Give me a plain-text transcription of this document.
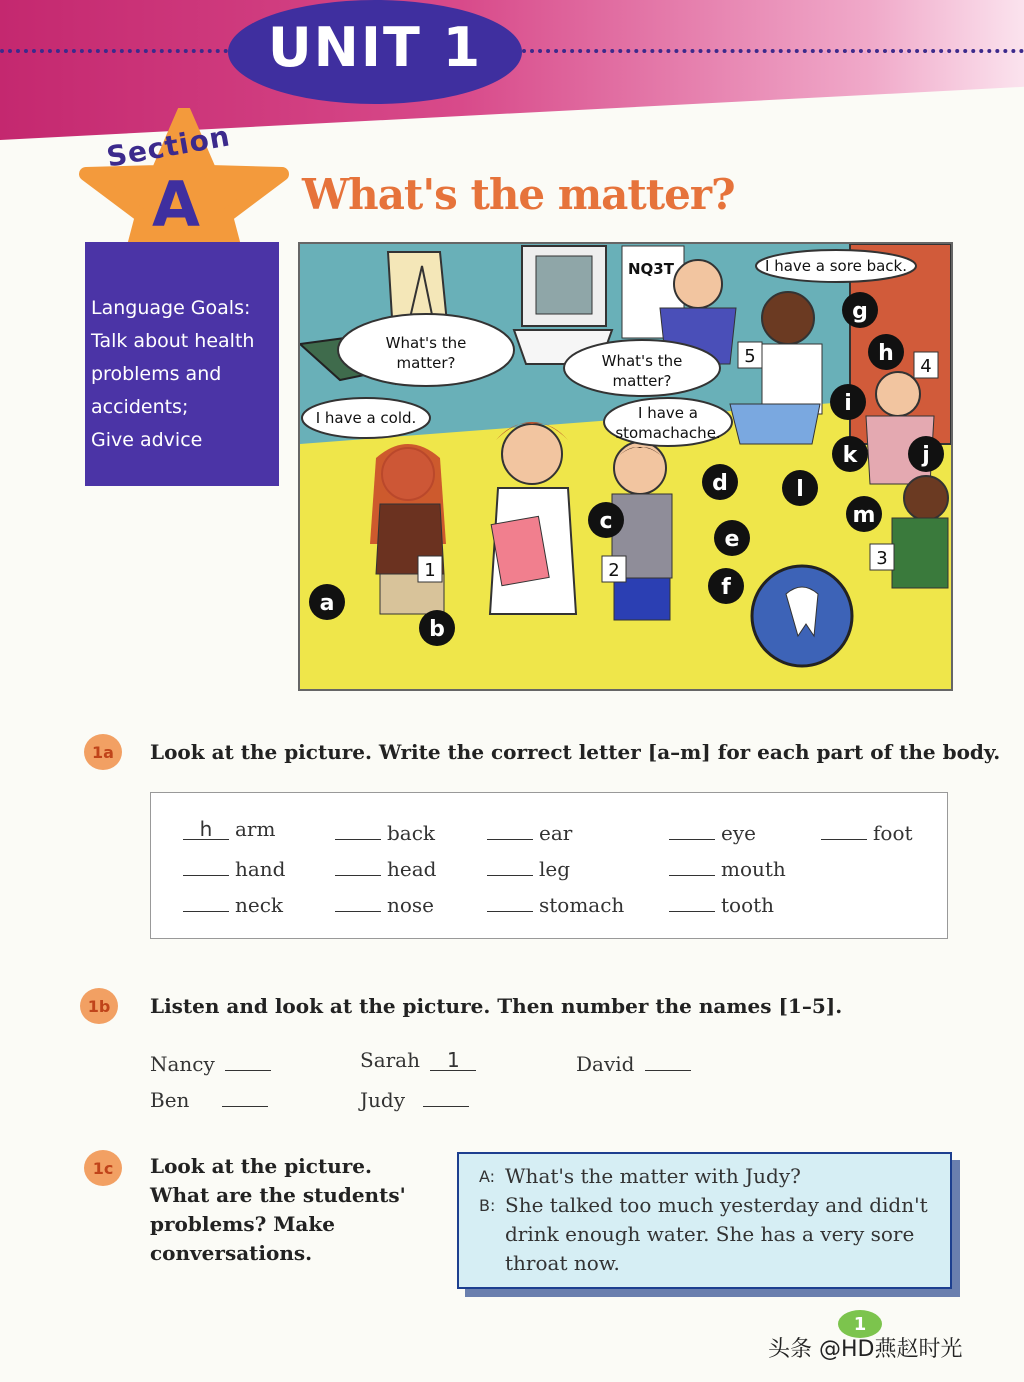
UNIT 1
Section
A What's the matter?
Language Goals:
Talk about health
problems and
accidents;
Give advice
NQ3T	I have a sore back.
What's the
matter?	What's the
matter?
I have a cold.	I have a
stomachache.
a
b
c
d
e
f
g
h
i
j
k
l
m
1	2
3
4
5
1a	Look at the picture. Write the correct letter [a–m] for each part of the body.
h arm	back	ear	eye	foot
hand	head	leg	mouth
neck	nose	stomach	tooth
1b	Listen and look at the picture. Then number the names [1–5].
Nancy	Sarah 1	David
Ben	Judy
1c	Look at the picture.
What are the students'
problems? Make
conversations.
A: What's the matter with Judy?
B: She talked too much yesterday and didn't
drink enough water. She has a very sore
throat now.
1
头条 @HD燕赵时光
